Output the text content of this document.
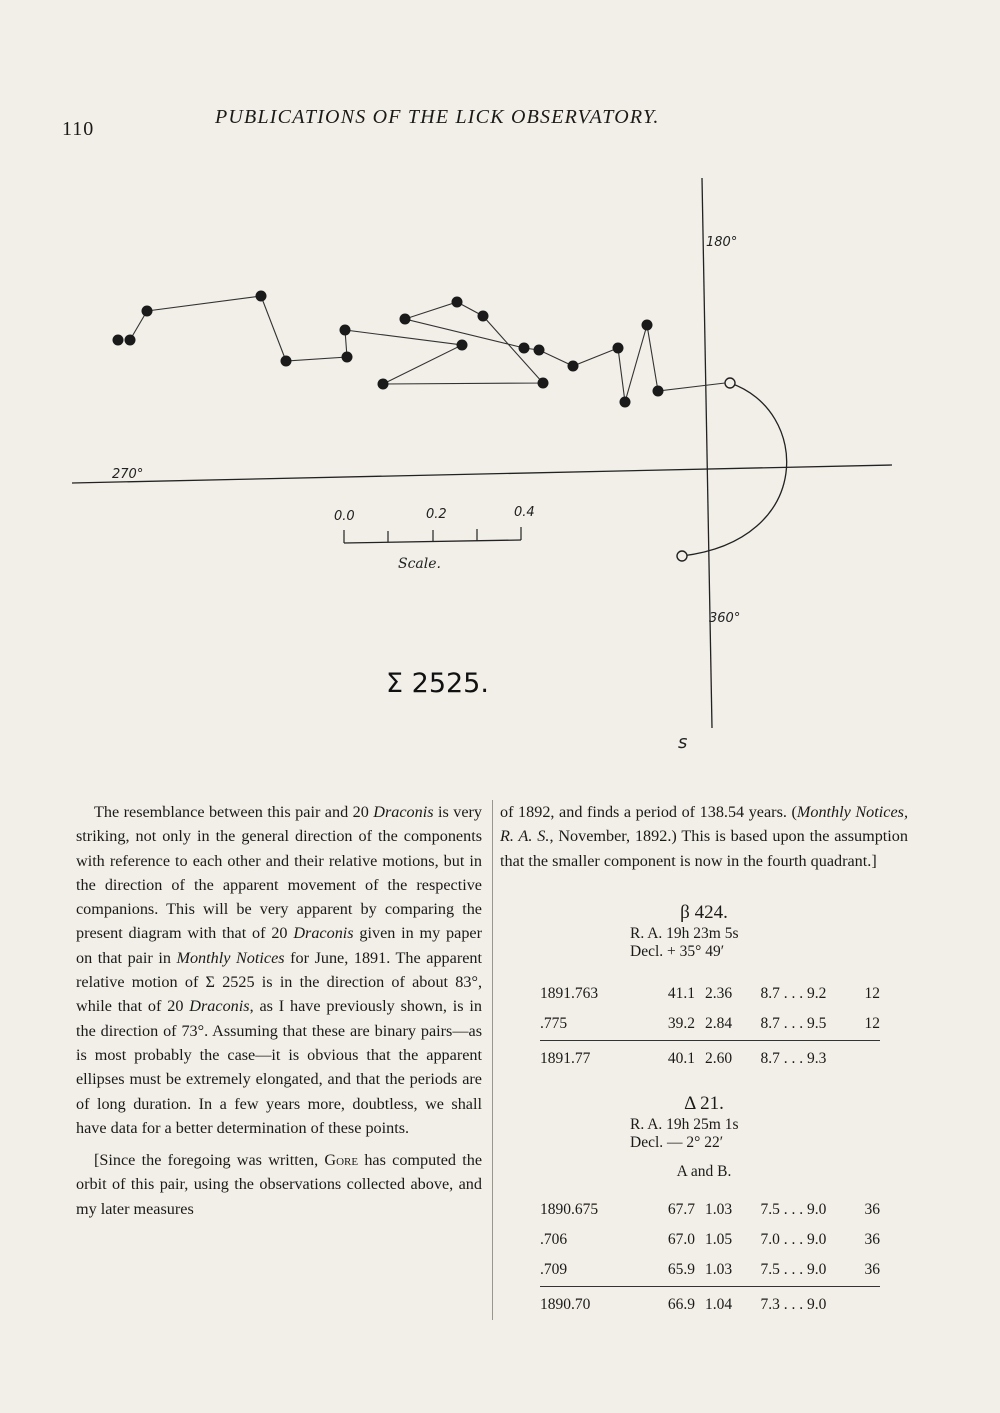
110
PUBLICATIONS OF THE LICK OBSERVATORY.
180°
270°
360°
0.0	0.2	0.4
Scale.
Σ 2525.
s

The resemblance between this pair and 20 Draconis is very striking, not only in the general direction of the components with reference to each other and their relative motions, but in the direction of the apparent movement of the respective companions. This will be very apparent by comparing the present diagram with that of 20 Draconis given in my paper on that pair in Monthly Notices for June, 1891. The apparent relative motion of Σ 2525 is in the direction of about 83°, while that of 20 Draconis, as I have previously shown, is in the direction of 73°. Assuming that these are binary pairs—as is most probably the case—it is obvious that the apparent ellipses must be extremely elongated, and that the periods are of long duration. In a few years more, doubtless, we shall have data for a better determination of these points.

[Since the foregoing was written, Gore has computed the orbit of this pair, using the observations collected above, and my later measures

of 1892, and finds a period of 138.54 years. (Monthly Notices, R. A. S., November, 1892.) This is based upon the assumption that the smaller component is now in the fourth quadrant.]

β 424.

R. A. 19h 23m 5s
Decl. + 35° 49′
1891.763	41.1	2.36	8.7 . . . 9.2	12
.775	39.2	2.84	8.7 . . . 9.5	12
1891.77	40.1	2.60	8.7 . . . 9.3	

Δ 21.

R. A. 19h 25m 1s
Decl. — 2° 22′
A and B.
1890.675	67.7	1.03	7.5 . . . 9.0	36
.706	67.0	1.05	7.0 . . . 9.0	36
.709	65.9	1.03	7.5 . . . 9.0	36
1890.70	66.9	1.04	7.3 . . . 9.0	
